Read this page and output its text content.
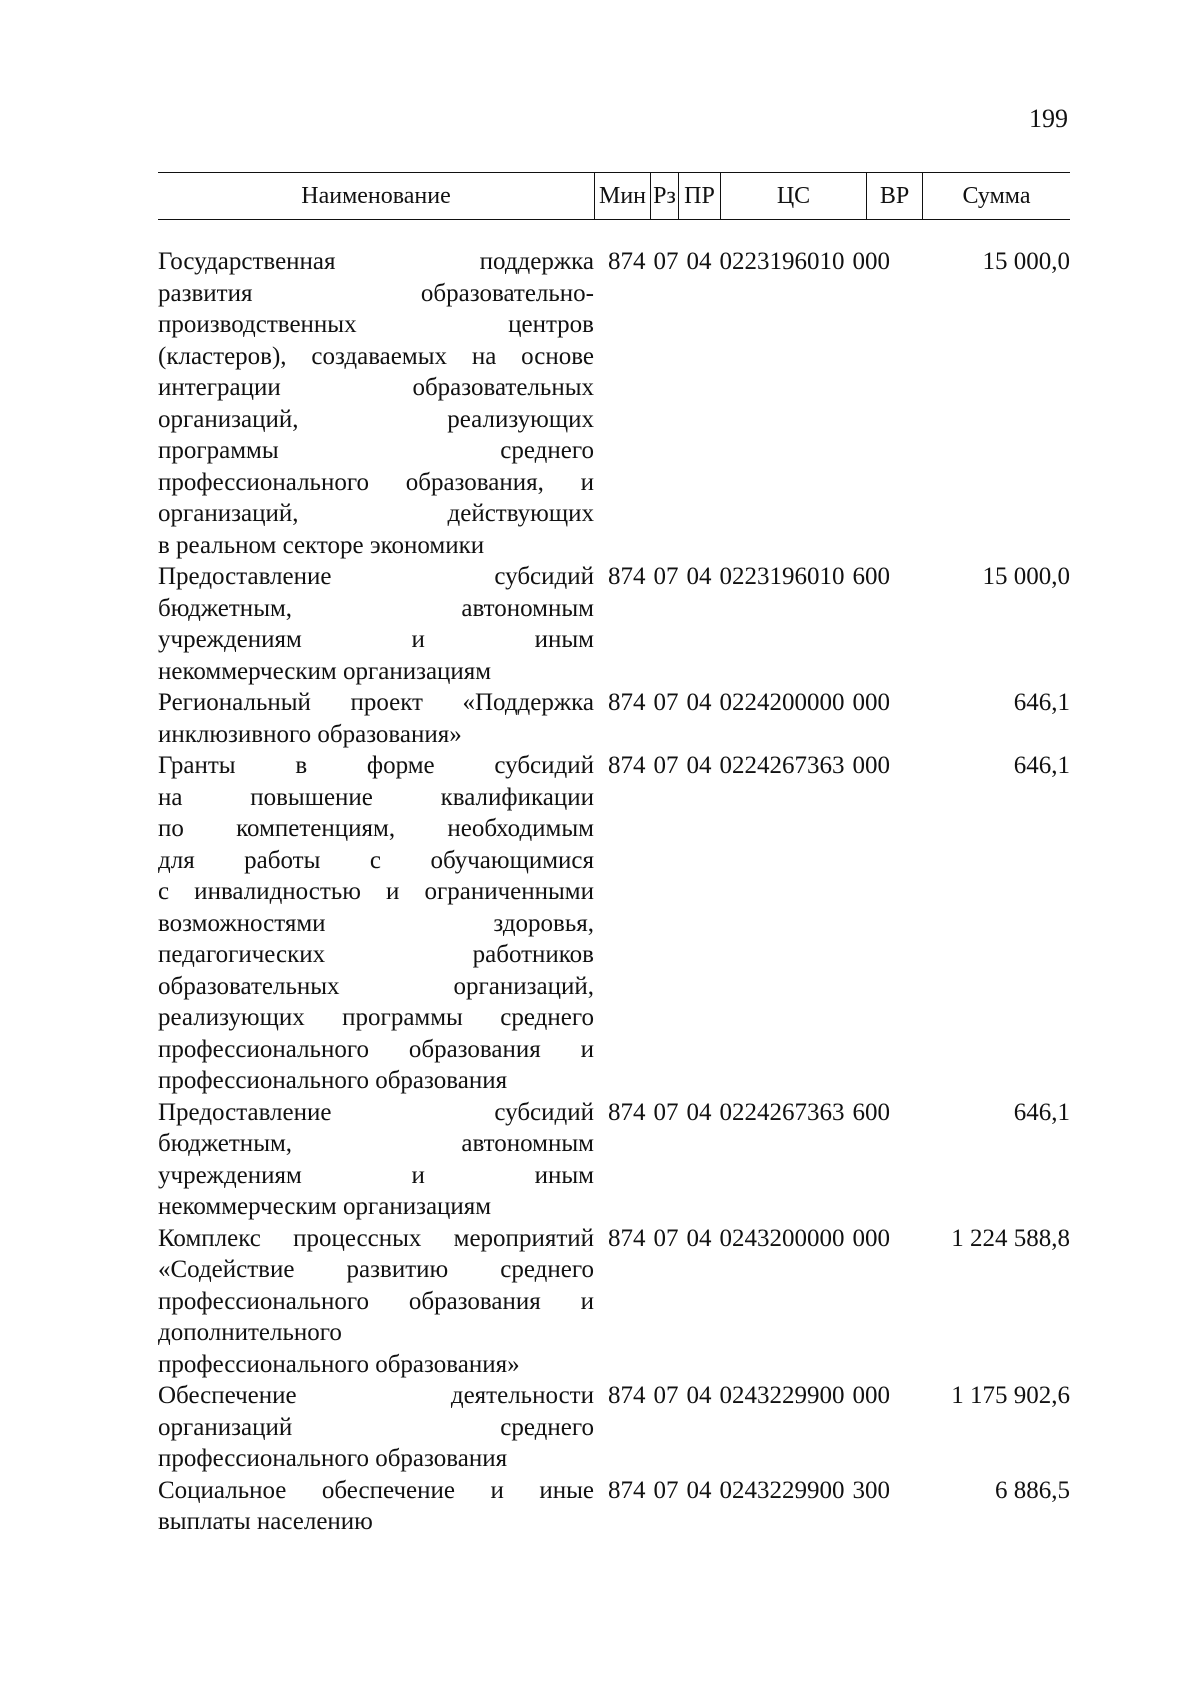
199
Наименование	Мин Рз ПР	ЦС	ВР	Сумма
Государственная поддержка
развития образовательно-
производственных центров
(кластеров), создаваемых на основе
интеграции образовательных
организаций, реализующих
программы среднего
профессионального образования, и
организаций, действующих
в реальном секторе экономики
874 07 04 0223196010 000	15 000,0
Предоставление субсидий
бюджетным, автономным
учреждениям и иным
некоммерческим организациям
874 07 04 0223196010 600	15 000,0
Региональный проект «Поддержка
инклюзивного образования»
874 07 04 0224200000 000	646,1
Гранты в форме субсидий
на повышение квалификации
по компетенциям, необходимым
для работы с обучающимися
с инвалидностью и ограниченными
возможностями здоровья,
педагогических работников
образовательных организаций,
реализующих программы среднего
профессионального образования и
профессионального образования
874 07 04 0224267363 000	646,1
Предоставление субсидий
бюджетным, автономным
учреждениям и иным
некоммерческим организациям
874 07 04 0224267363 600	646,1
Комплекс процессных мероприятий
«Содействие развитию среднего
профессионального образования и
дополнительного
профессионального образования»
874 07 04 0243200000 000	1 224 588,8
Обеспечение деятельности
организаций среднего
профессионального образования
874 07 04 0243229900 000	1 175 902,6
Социальное обеспечение и иные
выплаты населению
874 07 04 0243229900 300	6 886,5
